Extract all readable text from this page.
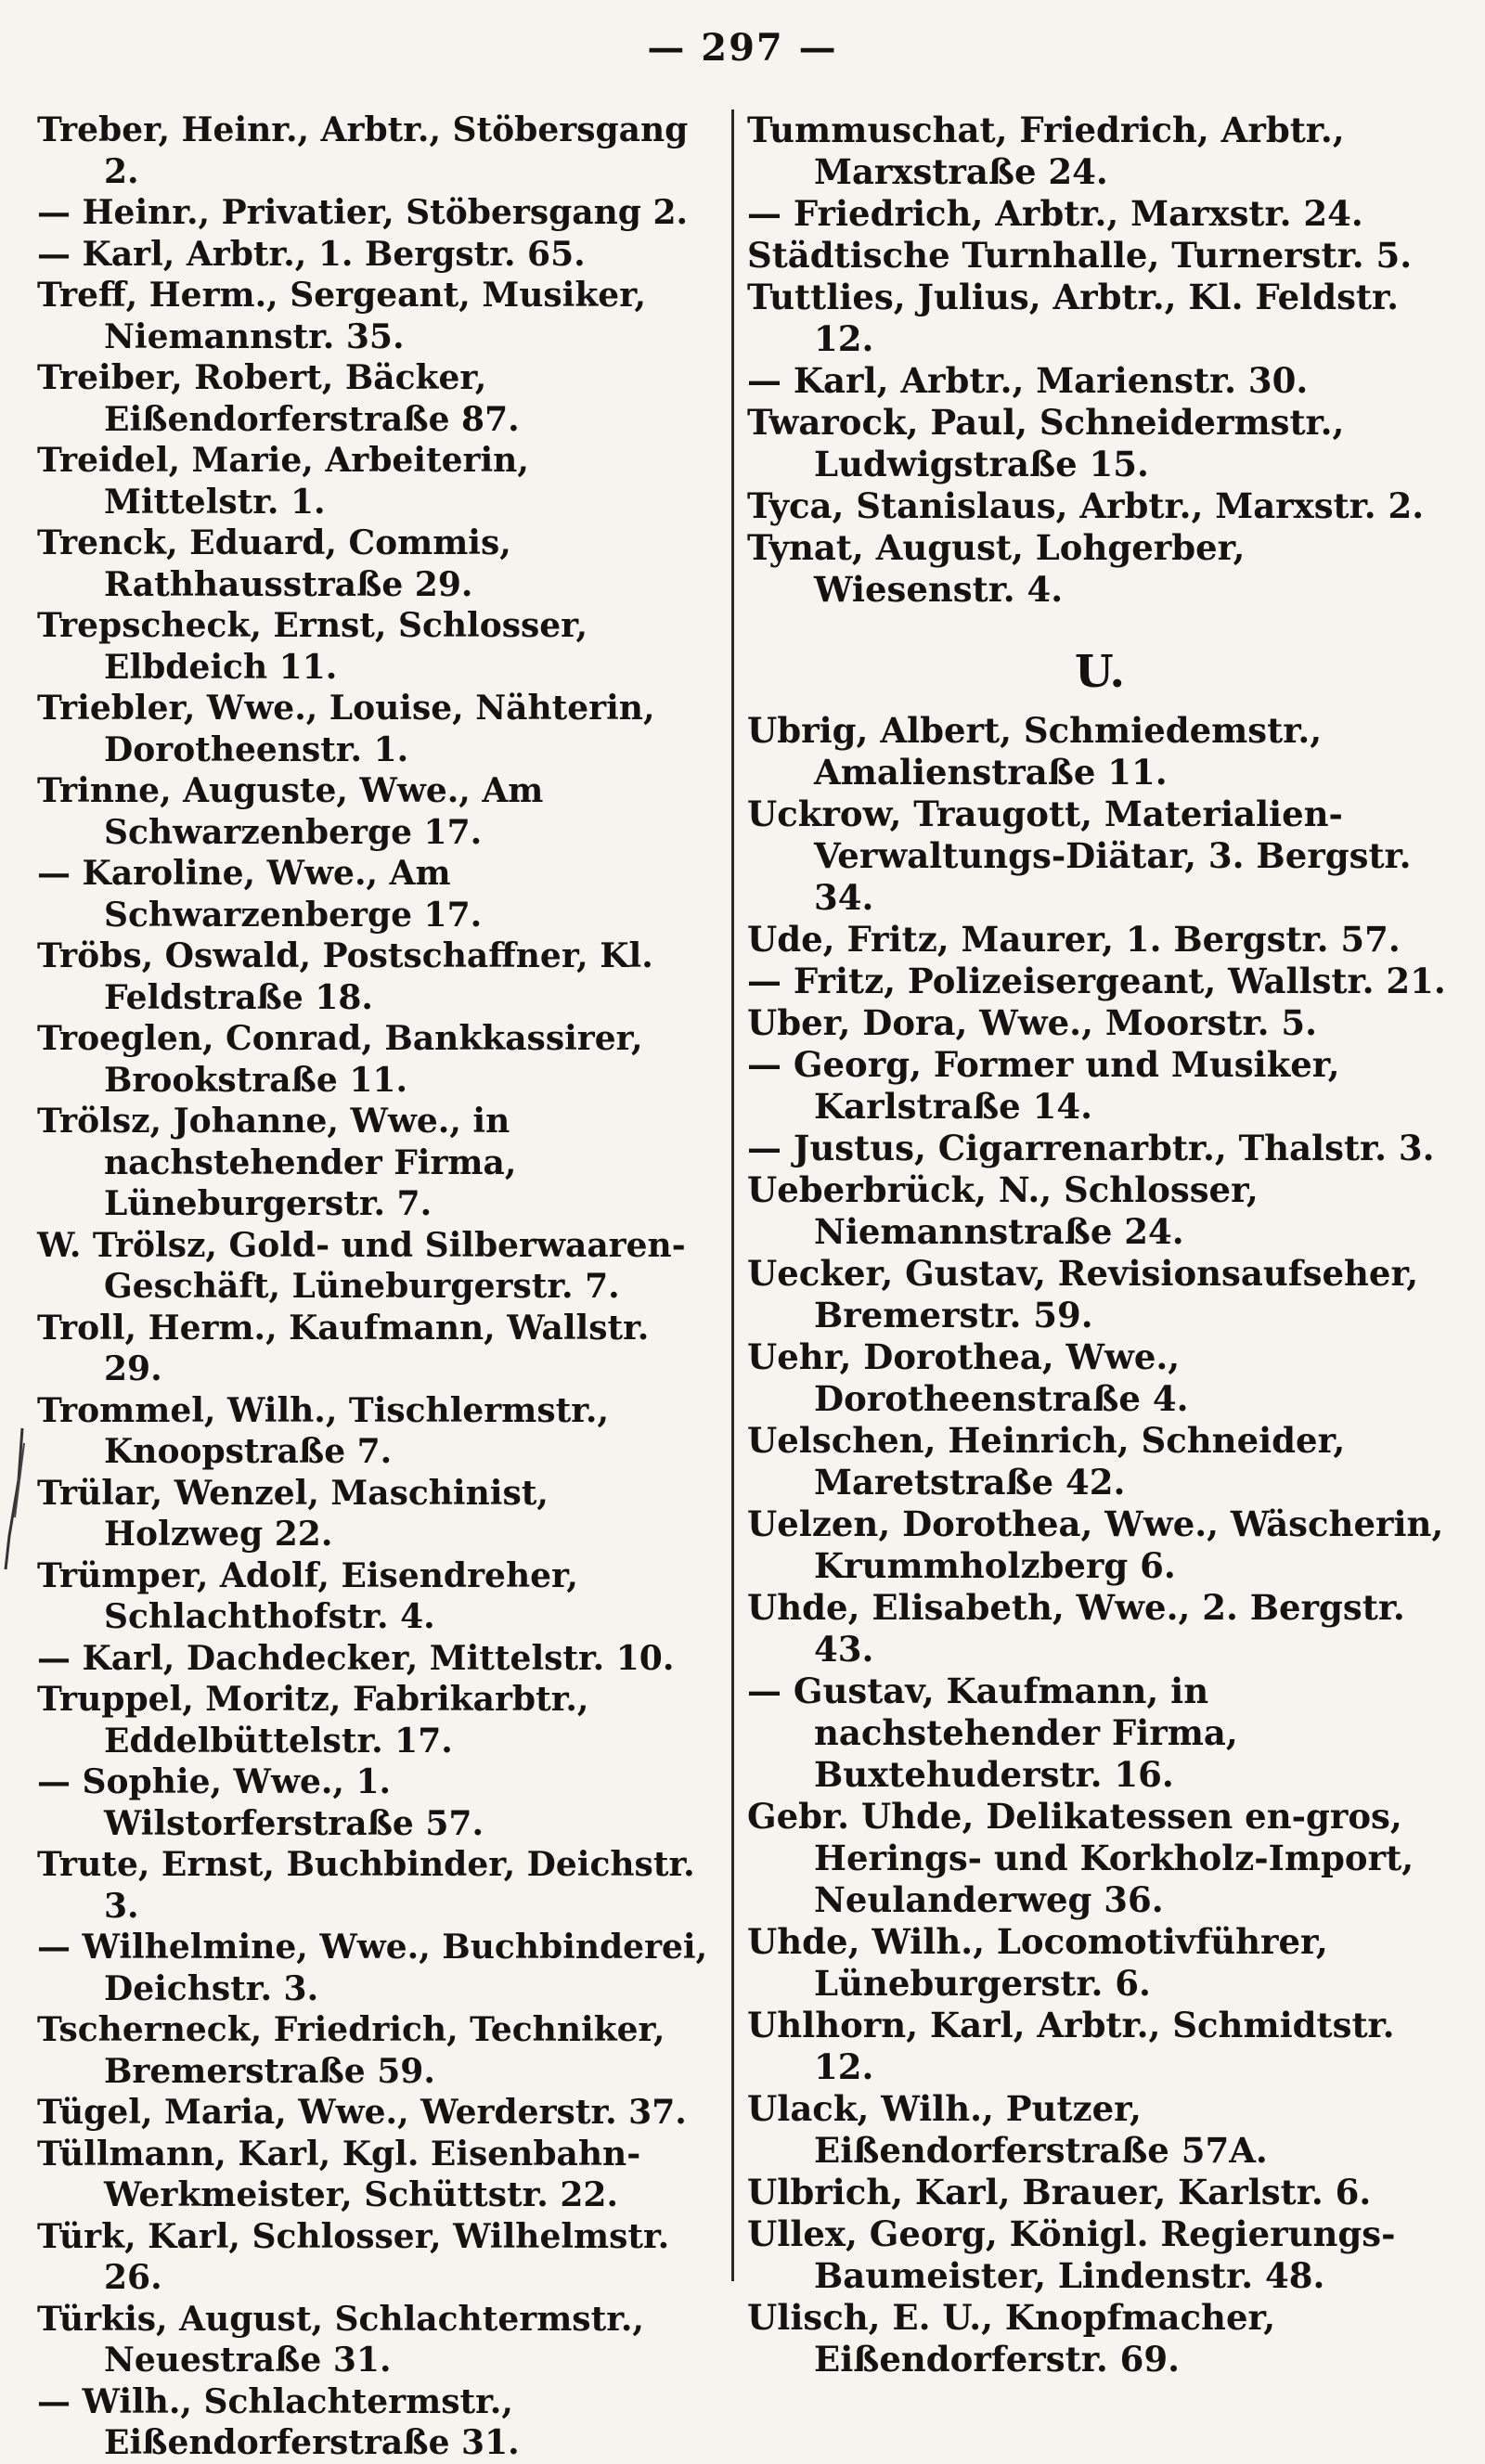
— 297 —

Treber, Heinr., Arbtr., Stöbersgang 2.

— Heinr., Privatier, Stöbersgang 2.

— Karl, Arbtr., 1. Bergstr. 65.

Treff, Herm., Sergeant, Musiker, Niemannstr. 35.

Treiber, Robert, Bäcker, Eißendorferstraße 87.

Treidel, Marie, Arbeiterin, Mittelstr. 1.

Trenck, Eduard, Commis, Rathhausstraße 29.

Trepscheck, Ernst, Schlosser, Elbdeich 11.

Triebler, Wwe., Louise, Nähterin, Dorotheenstr. 1.

Trinne, Auguste, Wwe., Am Schwarzenberge 17.

— Karoline, Wwe., Am Schwarzenberge 17.

Tröbs, Oswald, Postschaffner, Kl. Feldstraße 18.

Troeglen, Conrad, Bankkassirer, Brookstraße 11.

Trölsz, Johanne, Wwe., in nachstehender Firma, Lüneburgerstr. 7.

W. Trölsz, Gold- und Silberwaaren-Geschäft, Lüneburgerstr. 7.

Troll, Herm., Kaufmann, Wallstr. 29.

Trommel, Wilh., Tischlermstr., Knoopstraße 7.

Trülar, Wenzel, Maschinist, Holzweg 22.

Trümper, Adolf, Eisendreher, Schlachthofstr. 4.

— Karl, Dachdecker, Mittelstr. 10.

Truppel, Moritz, Fabrikarbtr., Eddelbüttelstr. 17.

— Sophie, Wwe., 1. Wilstorferstraße 57.

Trute, Ernst, Buchbinder, Deichstr. 3.

— Wilhelmine, Wwe., Buchbinderei, Deichstr. 3.

Tscherneck, Friedrich, Techniker, Bremerstraße 59.

Tügel, Maria, Wwe., Werderstr. 37.

Tüllmann, Karl, Kgl. Eisenbahn-Werkmeister, Schüttstr. 22.

Türk, Karl, Schlosser, Wilhelmstr. 26.

Türkis, August, Schlachtermstr., Neuestraße 31.

— Wilh., Schlachtermstr., Eißendorferstraße 31.

Tummuschat, Friedrich, Arbtr., Marxstraße 24.

— Friedrich, Arbtr., Marxstr. 24.

Städtische Turnhalle, Turnerstr. 5.

Tuttlies, Julius, Arbtr., Kl. Feldstr. 12.

— Karl, Arbtr., Marienstr. 30.

Twarock, Paul, Schneidermstr., Ludwigstraße 15.

Tyca, Stanislaus, Arbtr., Marxstr. 2.

Tynat, August, Lohgerber, Wiesenstr. 4.

U.

Ubrig, Albert, Schmiedemstr., Amalienstraße 11.

Uckrow, Traugott, Materialien-Verwaltungs-Diätar, 3. Bergstr. 34.

Ude, Fritz, Maurer, 1. Bergstr. 57.

— Fritz, Polizeisergeant, Wallstr. 21.

Uber, Dora, Wwe., Moorstr. 5.

— Georg, Former und Musiker, Karlstraße 14.

— Justus, Cigarrenarbtr., Thalstr. 3.

Ueberbrück, N., Schlosser, Niemannstraße 24.

Uecker, Gustav, Revisionsaufseher, Bremerstr. 59.

Uehr, Dorothea, Wwe., Dorotheenstraße 4.

Uelschen, Heinrich, Schneider, Maretstraße 42.

Uelzen, Dorothea, Wwe., Wäscherin, Krummholzberg 6.

Uhde, Elisabeth, Wwe., 2. Bergstr. 43.

— Gustav, Kaufmann, in nachstehender Firma, Buxtehuderstr. 16.

Gebr. Uhde, Delikatessen en-gros, Herings- und Korkholz-Import, Neulanderweg 36.

Uhde, Wilh., Locomotivführer, Lüneburgerstr. 6.

Uhlhorn, Karl, Arbtr., Schmidtstr. 12.

Ulack, Wilh., Putzer, Eißendorferstraße 57A.

Ulbrich, Karl, Brauer, Karlstr. 6.

Ullex, Georg, Königl. Regierungs-Baumeister, Lindenstr. 48.

Ulisch, E. U., Knopfmacher, Eißendorferstr. 69.
